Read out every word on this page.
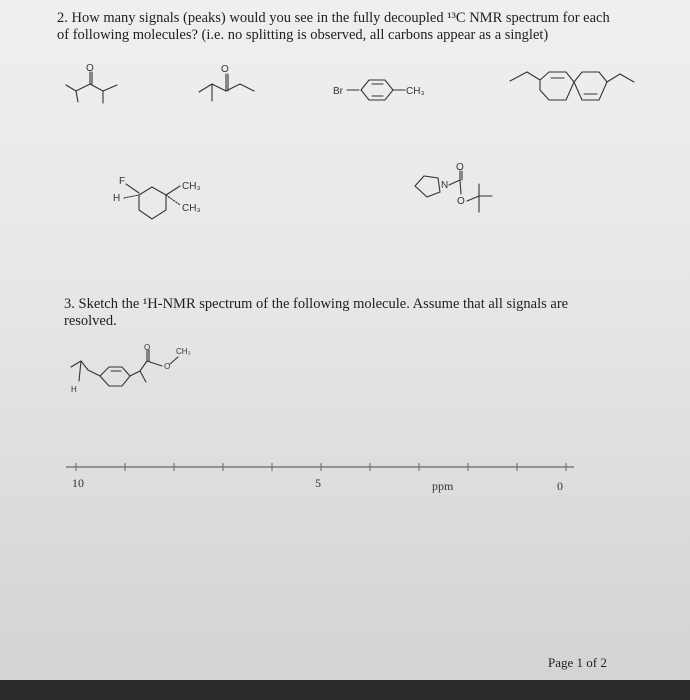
2. How many signals (peaks) would you see in the fully decoupled ¹³C NMR spectrum for each
of following molecules? (i.e. no splitting is observed, all carbons appear as a singlet)
O	O
Br	CH₃
F
H
CH₃
CH₃
N
O
O
H
O
O
CH₃
10	5	ppm	0
3. Sketch the ¹H-NMR spectrum of the following molecule. Assume that all signals are
resolved.
Page 1 of 2
